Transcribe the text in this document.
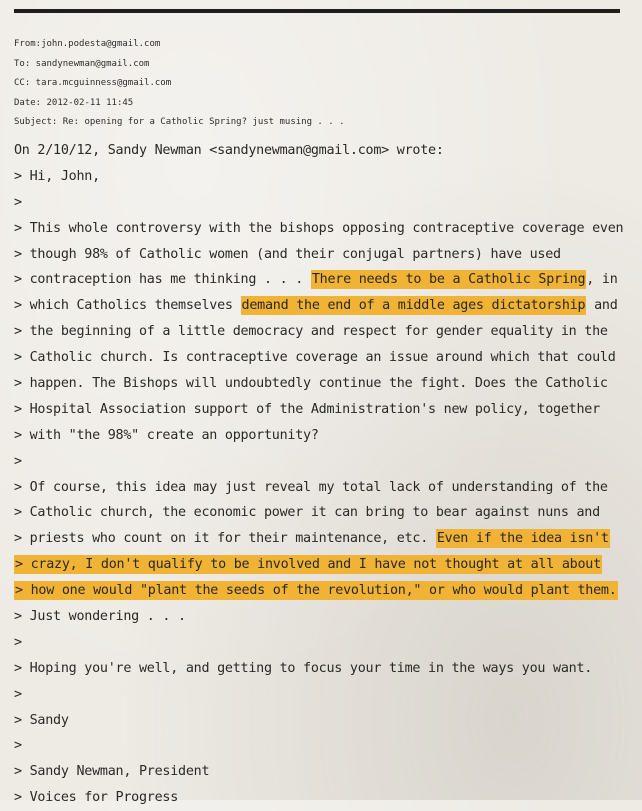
From:john.podesta@gmail.com
To: sandynewman@gmail.com
CC: tara.mcguinness@gmail.com
Date: 2012-02-11 11:45
Subject: Re: opening for a Catholic Spring? just musing . . .
On 2/10/12, Sandy Newman <sandynewman@gmail.com> wrote:
> Hi, John,
>
> This whole controversy with the bishops opposing contraceptive coverage even
> though 98% of Catholic women (and their conjugal partners) have used
> contraception has me thinking . . . There needs to be a Catholic Spring, in
> which Catholics themselves demand the end of a middle ages dictatorship and
> the beginning of a little democracy and respect for gender equality in the
> Catholic church. Is contraceptive coverage an issue around which that could
> happen. The Bishops will undoubtedly continue the fight. Does the Catholic
> Hospital Association support of the Administration's new policy, together
> with "the 98%" create an opportunity?
>
> Of course, this idea may just reveal my total lack of understanding of the
> Catholic church, the economic power it can bring to bear against nuns and
> priests who count on it for their maintenance, etc. Even if the idea isn't
> crazy, I don't qualify to be involved and I have not thought at all about
> how one would "plant the seeds of the revolution," or who would plant them.
> Just wondering . . .
>
> Hoping you're well, and getting to focus your time in the ways you want.
>
> Sandy
>
> Sandy Newman, President
> Voices for Progress
